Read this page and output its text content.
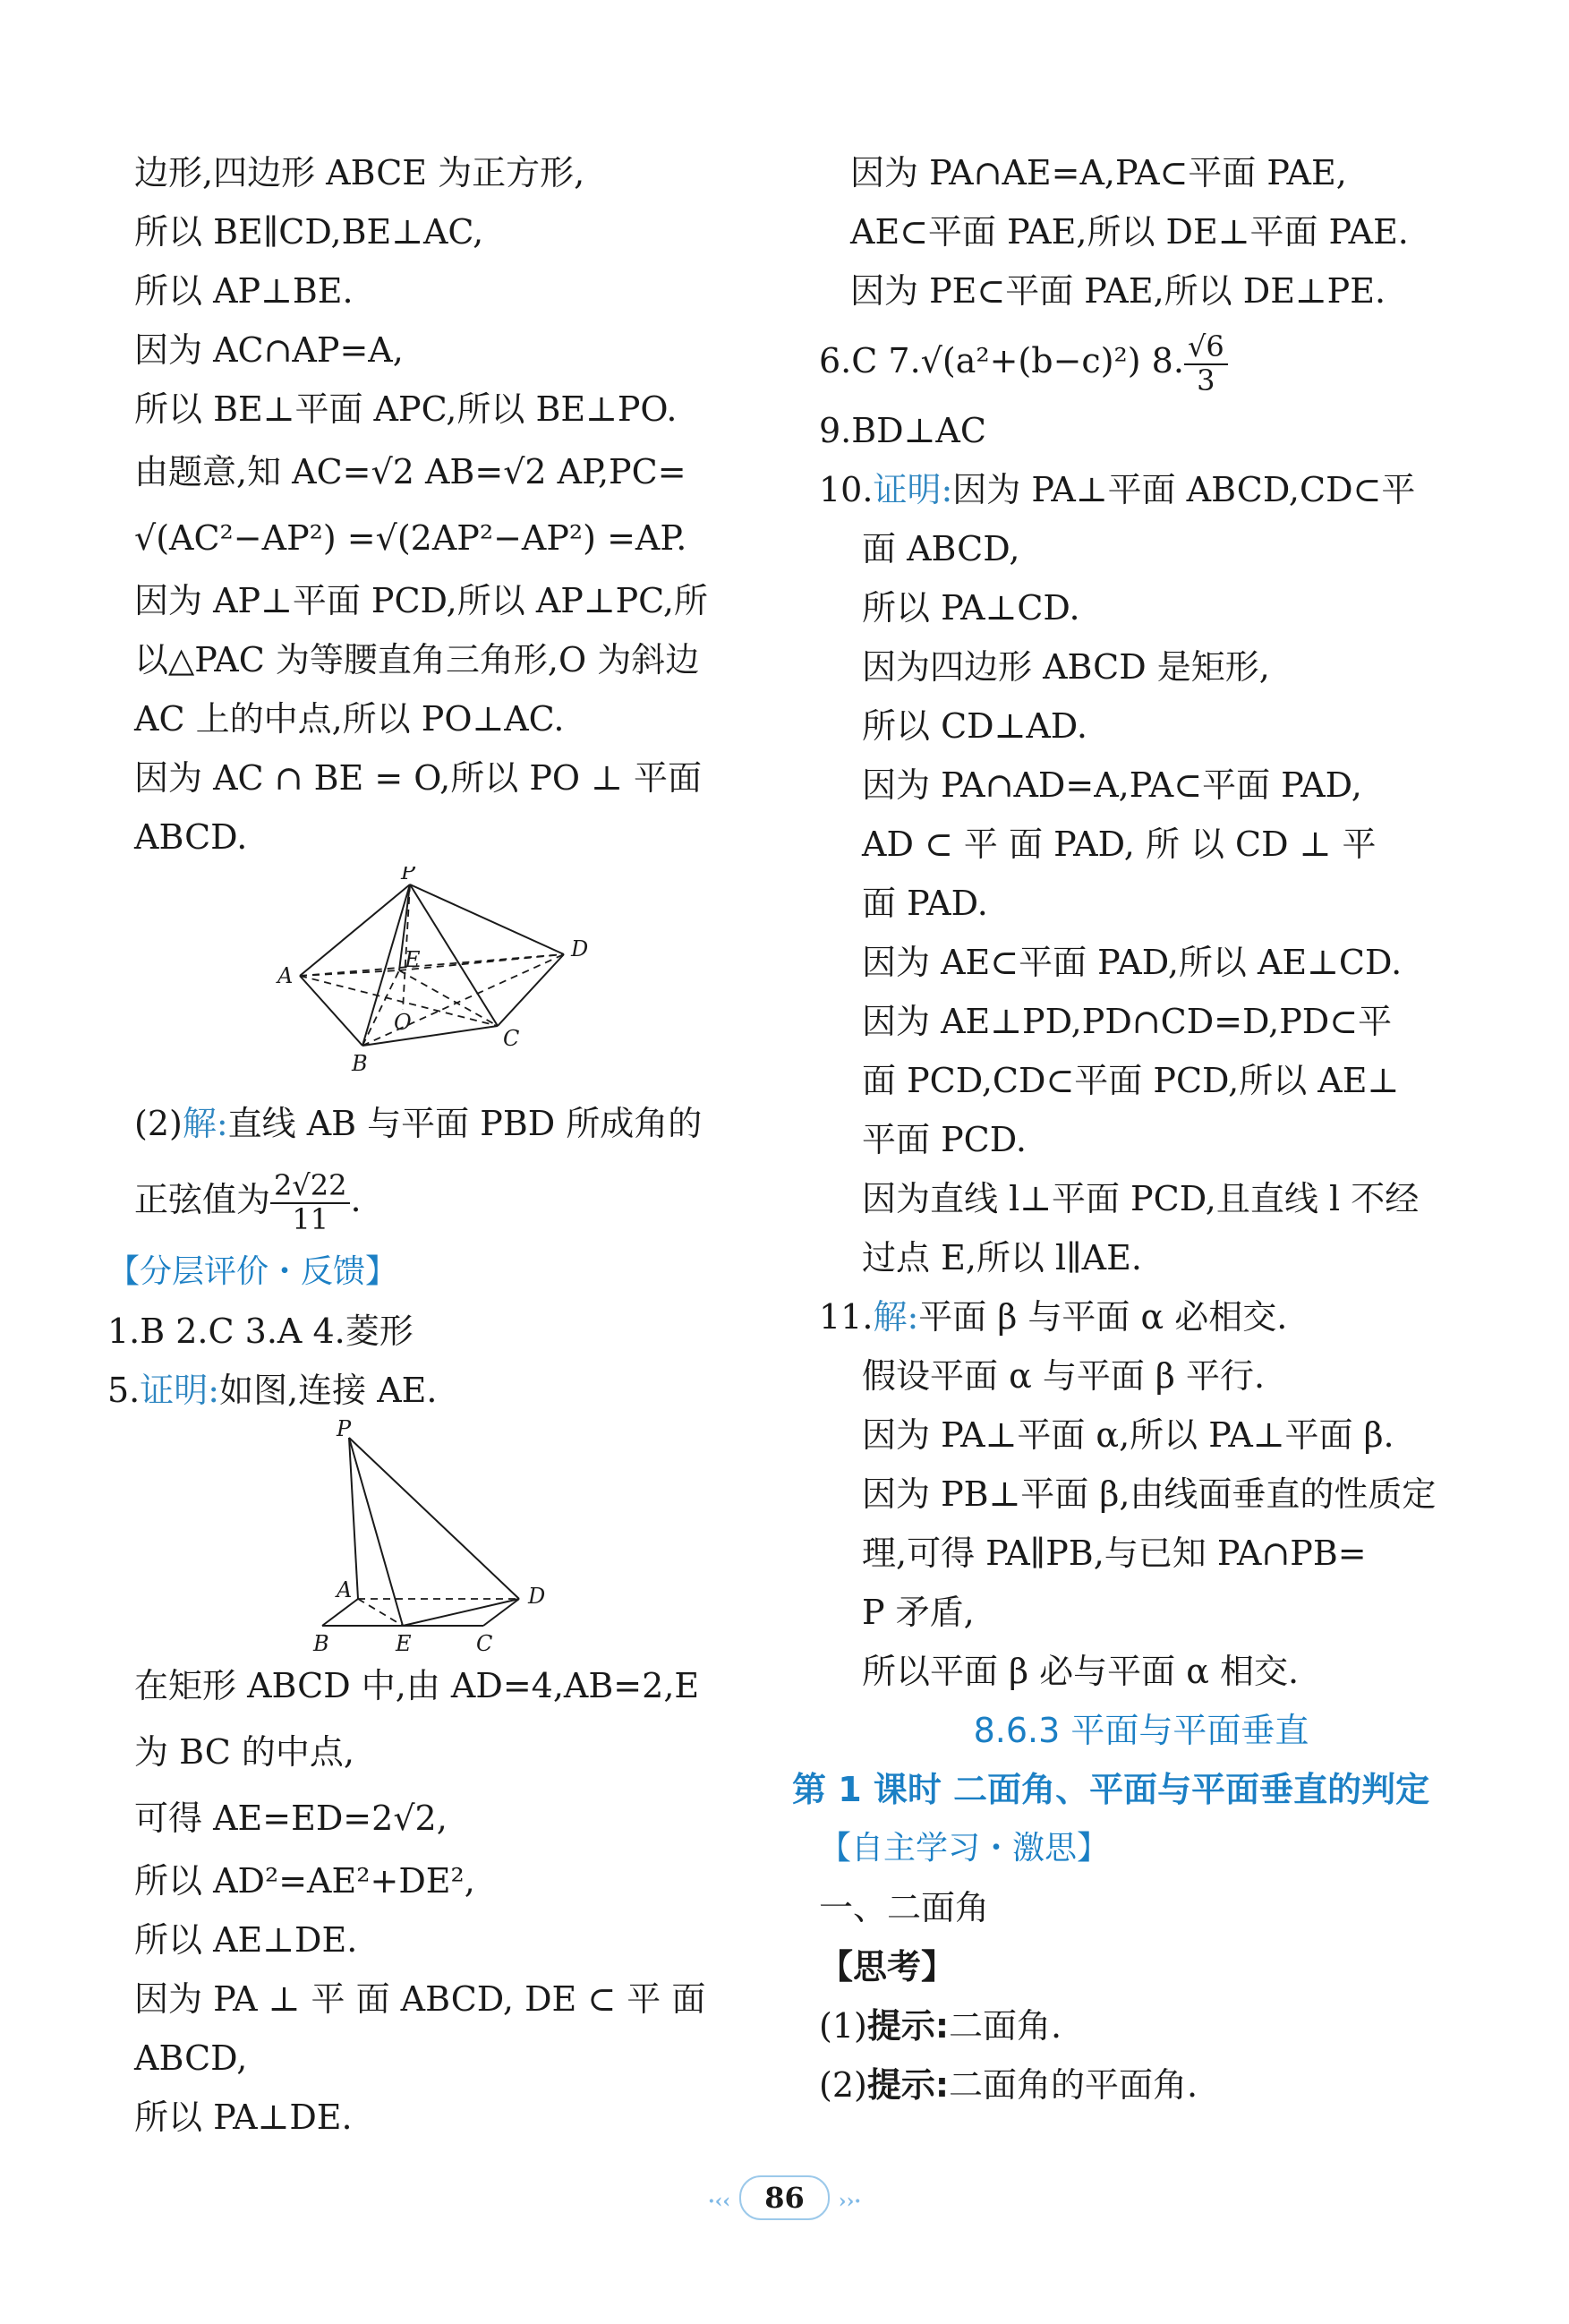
边形,四边形 ABCE 为正方形,
所以 BE∥CD,BE⊥AC,
所以 AP⊥BE.
因为 AC∩AP=A,
所以 BE⊥平面 APC,所以 BE⊥PO.
由题意,知 AC=√2 AB=√2 AP,PC=
√(AC²−AP²) =√(2AP²−AP²) =AP.
因为 AP⊥平面 PCD,所以 AP⊥PC,所
以△PAC 为等腰直角三角形,O 为斜边
AC 上的中点,所以 PO⊥AC.
因为 AC ∩ BE = O,所以 PO ⊥ 平面
ABCD.
P
A
B
C
D
E
O
(2)解:直线 AB 与平面 PBD 所成角的
正弦值为 $\frac{2√22}{11}$ .
【分层评价・反馈】
1.B 2.C 3.A 4.菱形
5.证明:如图,连接 AE.
P
A
B	E	C
D
在矩形 ABCD 中,由 AD=4,AB=2,E
为 BC 的中点,
可得 AE=ED=2√2,
所以 AD²=AE²+DE²,
所以 AE⊥DE.
因为 PA ⊥ 平 面 ABCD, DE ⊂ 平 面
ABCD,
所以 PA⊥DE.
因为 PA∩AE=A,PA⊂平面 PAE,
AE⊂平面 PAE,所以 DE⊥平面 PAE.
因为 PE⊂平面 PAE,所以 DE⊥PE.
6.C 7.√(a²+(b−c)²) 8. $\frac{√6}{3}$
9.BD⊥AC
10.证明:因为 PA⊥平面 ABCD,CD⊂平
面 ABCD,
所以 PA⊥CD.
因为四边形 ABCD 是矩形,
所以 CD⊥AD.
因为 PA∩AD=A,PA⊂平面 PAD,
AD ⊂ 平 面 PAD, 所 以 CD ⊥ 平
面 PAD.
因为 AE⊂平面 PAD,所以 AE⊥CD.
因为 AE⊥PD,PD∩CD=D,PD⊂平
面 PCD,CD⊂平面 PCD,所以 AE⊥
平面 PCD.
因为直线 l⊥平面 PCD,且直线 l 不经
过点 E,所以 l∥AE.
11.解:平面 β 与平面 α 必相交.
假设平面 α 与平面 β 平行.
因为 PA⊥平面 α,所以 PA⊥平面 β.
因为 PB⊥平面 β,由线面垂直的性质定
理,可得 PA∥PB,与已知 PA∩PB=
P 矛盾,
所以平面 β 必与平面 α 相交.
8.6.3 平面与平面垂直
第 1 课时 二面角、平面与平面垂直的判定
【自主学习・激思】
一、二面角
【思考】
(1)提示:二面角.
(2)提示:二面角的平面角.
·‹‹ 86 ››·
